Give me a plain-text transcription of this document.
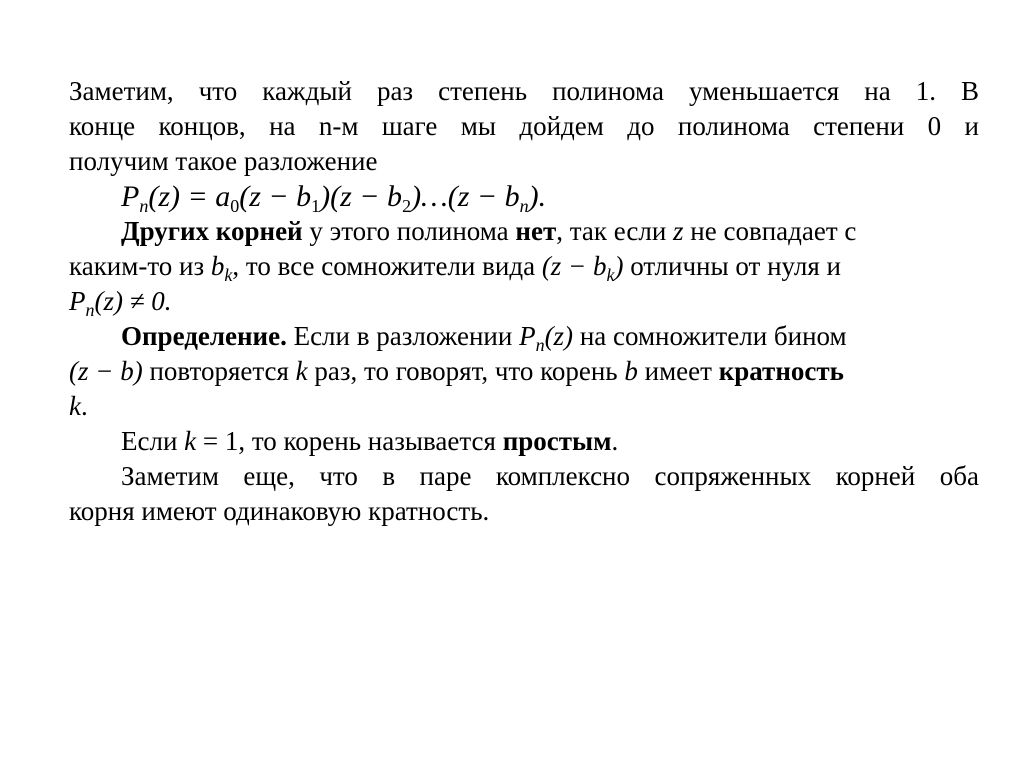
Заметим, что каждый раз степень полинома уменьшается на 1. В
конце концов, на n-м шаге мы дойдем до полинома степени 0 и
получим такое разложение
$P_n(z) = a_0(z - b_1)(z$ − $b_2)\dots(z - b_n)$.
Других корней у этого полинома нет, так если z не совпадает с
каким-то из $b_k$, то все сомножители вида $(z - b_k)$ отличны от нуля и
$P_n(z) \ne 0$.
Определение. Если в разложении $P_n(z)$ на сомножители бином
(z − b) повторяется k раз, то говорят, что корень b имеет кратность
k.
Если k = 1, то корень называется простым.
Заметим еще, что в паре комплексно сопряженных корней оба
корня имеют одинаковую кратность.
